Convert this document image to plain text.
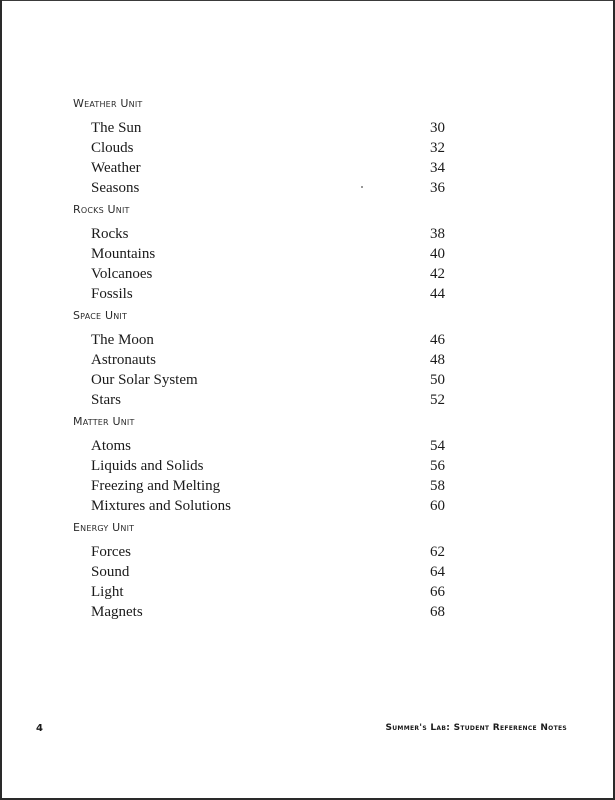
Weather Unit
The Sun	30
Clouds	32
Weather	34
Seasons	36
Rocks Unit
Rocks	38
Mountains	40
Volcanoes	42
Fossils	44
Space Unit
The Moon	46
Astronauts	48
Our Solar System	50
Stars	52
Matter Unit
Atoms	54
Liquids and Solids	56
Freezing and Melting	58
Mixtures and Solutions	60
Energy Unit
Forces	62
Sound	64
Light	66
Magnets	68
4	Summer's Lab: Student Reference Notes
